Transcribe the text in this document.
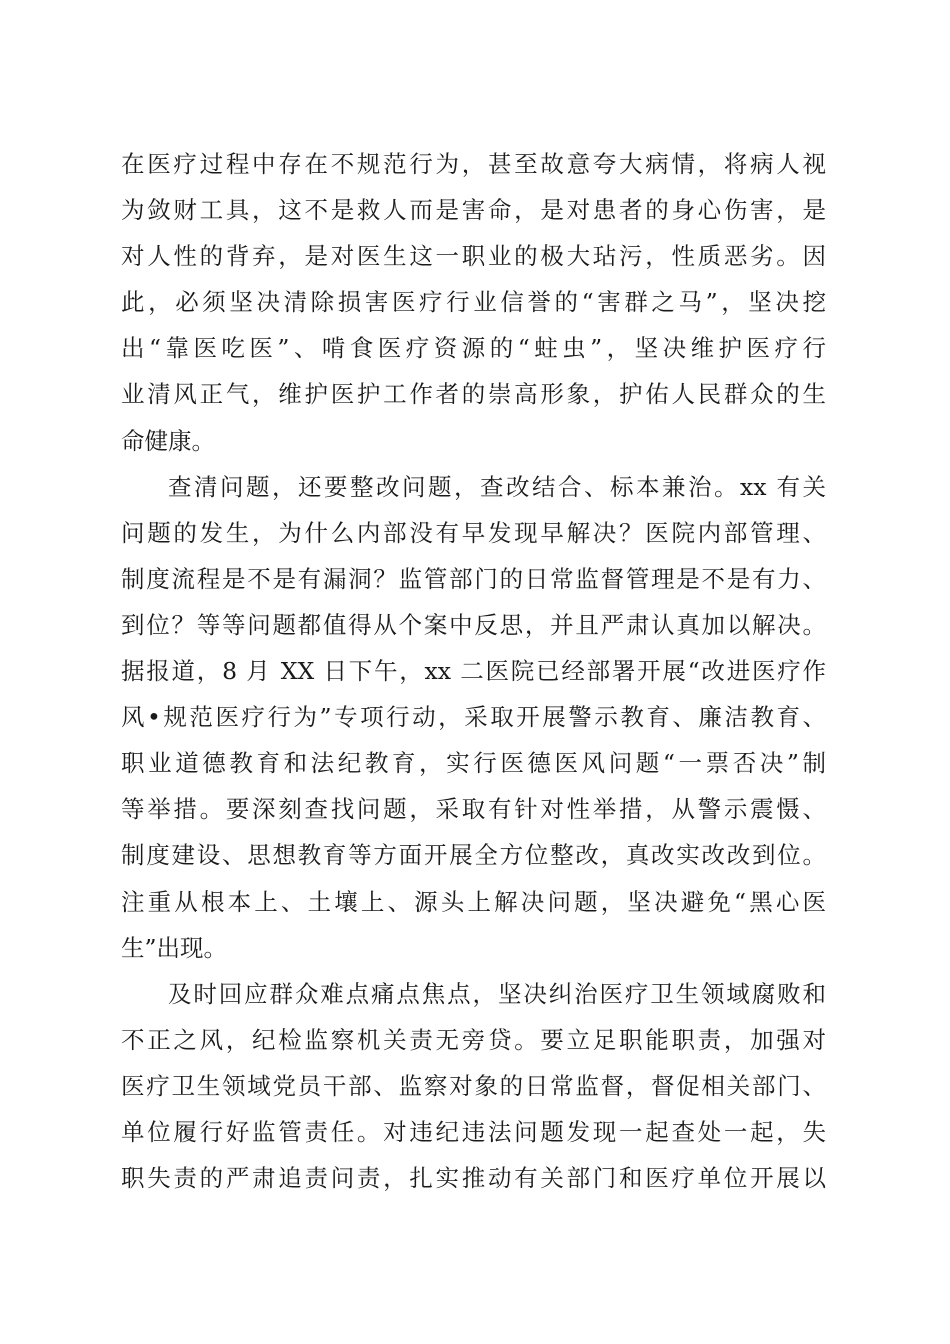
在医疗过程中存在不规范行为，甚至故意夸大病情，将病人视
为敛财工具，这不是救人而是害命，是对患者的身心伤害，是
对人性的背弃，是对医生这一职业的极大玷污，性质恶劣。因
此，必须坚决清除损害医疗行业信誉的“害群之马”，坚决挖
出“靠医吃医”、啃食医疗资源的“蛀虫”，坚决维护医疗行
业清风正气，维护医护工作者的崇高形象，护佑人民群众的生
命健康。
查清问题，还要整改问题，查改结合、标本兼治。xx 有关
问题的发生，为什么内部没有早发现早解决？医院内部管理、
制度流程是不是有漏洞？监管部门的日常监督管理是不是有力、
到位？等等问题都值得从个案中反思，并且严肃认真加以解决。
据报道，8 月 XX 日下午，xx 二医院已经部署开展“改进医疗作
风•规范医疗行为”专项行动，采取开展警示教育、廉洁教育、
职业道德教育和法纪教育，实行医德医风问题“一票否决”制
等举措。要深刻查找问题，采取有针对性举措，从警示震慑、
制度建设、思想教育等方面开展全方位整改，真改实改改到位。
注重从根本上、土壤上、源头上解决问题，坚决避免“黑心医
生”出现。
及时回应群众难点痛点焦点，坚决纠治医疗卫生领域腐败和
不正之风，纪检监察机关责无旁贷。要立足职能职责，加强对
医疗卫生领域党员干部、监察对象的日常监督，督促相关部门、
单位履行好监管责任。对违纪违法问题发现一起查处一起，失
职失责的严肃追责问责，扎实推动有关部门和医疗单位开展以
